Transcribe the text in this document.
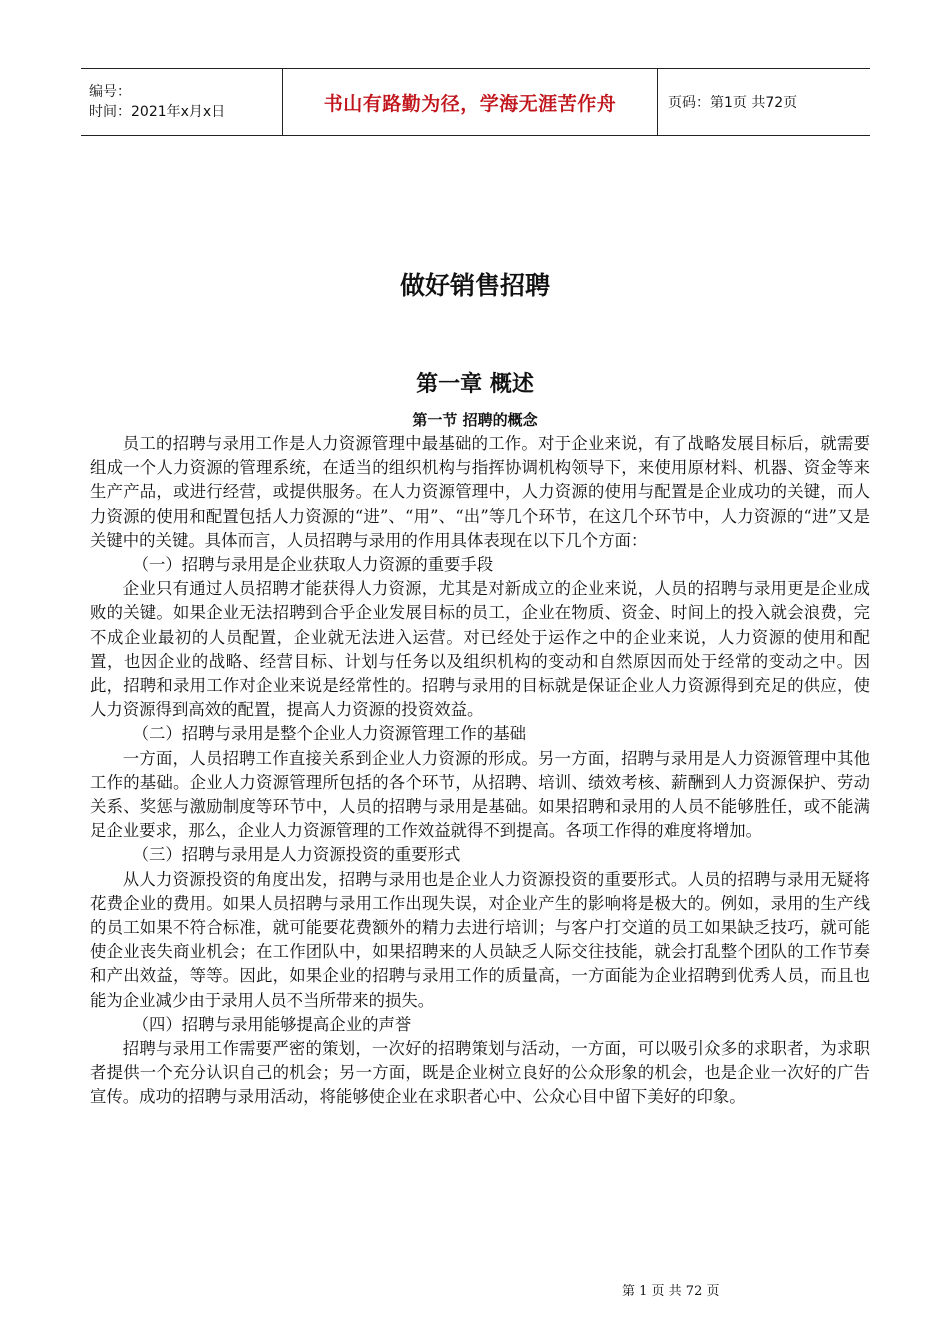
编号：
时间：2021年x月x日	书山有路勤为径，学海无涯苦作舟	页码：第1页 共72页
做好销售招聘
第一章 概述
第一节 招聘的概念

员工的招聘与录用工作是人力资源管理中最基础的工作。对于企业来说，有了战略发展目标后，就需要组成一个人力资源的管理系统，在适当的组织机构与指挥协调机构领导下，来使用原材料、机器、资金等来生产产品，或进行经营，或提供服务。在人力资源管理中，人力资源的使用与配置是企业成功的关键，而人力资源的使用和配置包括人力资源的“进”、“用”、“出”等几个环节，在这几个环节中，人力资源的“进”又是关键中的关键。具体而言，人员招聘与录用的作用具体表现在以下几个方面：

（一）招聘与录用是企业获取人力资源的重要手段

企业只有通过人员招聘才能获得人力资源，尤其是对新成立的企业来说，人员的招聘与录用更是企业成败的关键。如果企业无法招聘到合乎企业发展目标的员工，企业在物质、资金、时间上的投入就会浪费，完不成企业最初的人员配置，企业就无法进入运营。对已经处于运作之中的企业来说，人力资源的使用和配置，也因企业的战略、经营目标、计划与任务以及组织机构的变动和自然原因而处于经常的变动之中。因此，招聘和录用工作对企业来说是经常性的。招聘与录用的目标就是保证企业人力资源得到充足的供应，使人力资源得到高效的配置，提高人力资源的投资效益。

（二）招聘与录用是整个企业人力资源管理工作的基础

一方面，人员招聘工作直接关系到企业人力资源的形成。另一方面，招聘与录用是人力资源管理中其他工作的基础。企业人力资源管理所包括的各个环节，从招聘、培训、绩效考核、薪酬到人力资源保护、劳动关系、奖惩与激励制度等环节中，人员的招聘与录用是基础。如果招聘和录用的人员不能够胜任，或不能满足企业要求，那么，企业人力资源管理的工作效益就得不到提高。各项工作得的难度将增加。

（三）招聘与录用是人力资源投资的重要形式

从人力资源投资的角度出发，招聘与录用也是企业人力资源投资的重要形式。人员的招聘与录用无疑将花费企业的费用。如果人员招聘与录用工作出现失误，对企业产生的影响将是极大的。例如，录用的生产线的员工如果不符合标准，就可能要花费额外的精力去进行培训；与客户打交道的员工如果缺乏技巧，就可能使企业丧失商业机会；在工作团队中，如果招聘来的人员缺乏人际交往技能，就会打乱整个团队的工作节奏和产出效益，等等。因此，如果企业的招聘与录用工作的质量高，一方面能为企业招聘到优秀人员，而且也能为企业减少由于录用人员不当所带来的损失。

（四）招聘与录用能够提高企业的声誉

招聘与录用工作需要严密的策划，一次好的招聘策划与活动，一方面，可以吸引众多的求职者，为求职者提供一个充分认识自己的机会；另一方面，既是企业树立良好的公众形象的机会，也是企业一次好的广告宣传。成功的招聘与录用活动，将能够使企业在求职者心中、公众心目中留下美好的印象。

第 1 页 共 72 页
